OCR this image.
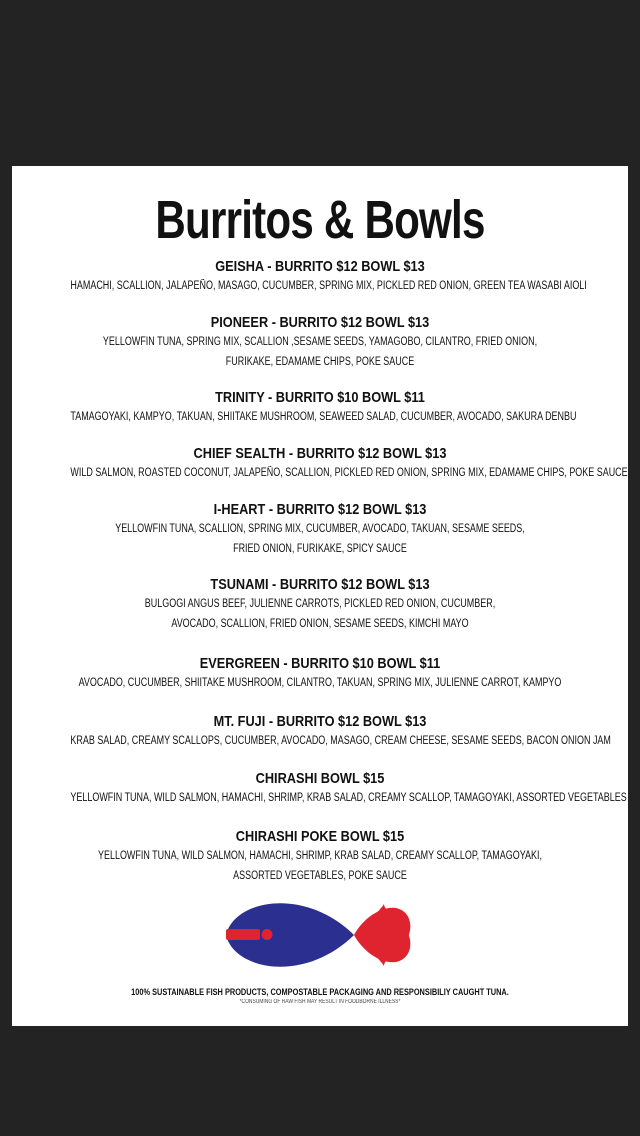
Burritos & Bowls
GEISHA - BURRITO $12 BOWL $13
HAMACHI, SCALLION, JALAPEÑO, MASAGO, CUCUMBER, SPRING MIX, PICKLED RED ONION, GREEN TEA WASABI AIOLI
PIONEER - BURRITO $12 BOWL $13
YELLOWFIN TUNA, SPRING MIX, SCALLION ,SESAME SEEDS, YAMAGOBO, CILANTRO, FRIED ONION,
FURIKAKE, EDAMAME CHIPS, POKE SAUCE
TRINITY - BURRITO $10 BOWL $11
TAMAGOYAKI, KAMPYO, TAKUAN, SHIITAKE MUSHROOM, SEAWEED SALAD, CUCUMBER, AVOCADO, SAKURA DENBU
CHIEF SEALTH - BURRITO $12 BOWL $13
WILD SALMON, ROASTED COCONUT, JALAPEÑO, SCALLION, PICKLED RED ONION, SPRING MIX, EDAMAME CHIPS, POKE SAUCE
I-HEART - BURRITO $12 BOWL $13
YELLOWFIN TUNA, SCALLION, SPRING MIX, CUCUMBER, AVOCADO, TAKUAN, SESAME SEEDS,
FRIED ONION, FURIKAKE, SPICY SAUCE
TSUNAMI - BURRITO $12 BOWL $13
BULGOGI ANGUS BEEF, JULIENNE CARROTS, PICKLED RED ONION, CUCUMBER,
AVOCADO, SCALLION, FRIED ONION, SESAME SEEDS, KIMCHI MAYO
EVERGREEN - BURRITO $10 BOWL $11
AVOCADO, CUCUMBER, SHIITAKE MUSHROOM, CILANTRO, TAKUAN, SPRING MIX, JULIENNE CARROT, KAMPYO
MT. FUJI - BURRITO $12 BOWL $13
KRAB SALAD, CREAMY SCALLOPS, CUCUMBER, AVOCADO, MASAGO, CREAM CHEESE, SESAME SEEDS, BACON ONION JAM
CHIRASHI BOWL $15
YELLOWFIN TUNA, WILD SALMON, HAMACHI, SHRIMP, KRAB SALAD, CREAMY SCALLOP, TAMAGOYAKI, ASSORTED VEGETABLES
CHIRASHI POKE BOWL $15
YELLOWFIN TUNA, WILD SALMON, HAMACHI, SHRIMP, KRAB SALAD, CREAMY SCALLOP, TAMAGOYAKI,
ASSORTED VEGETABLES, POKE SAUCE
100% SUSTAINABLE FISH PRODUCTS, COMPOSTABLE PACKAGING AND RESPONSIBILIY CAUGHT TUNA.
*CONSUMING OF RAW FISH MAY RESULT IN FOODBORNE ILLNESS*
